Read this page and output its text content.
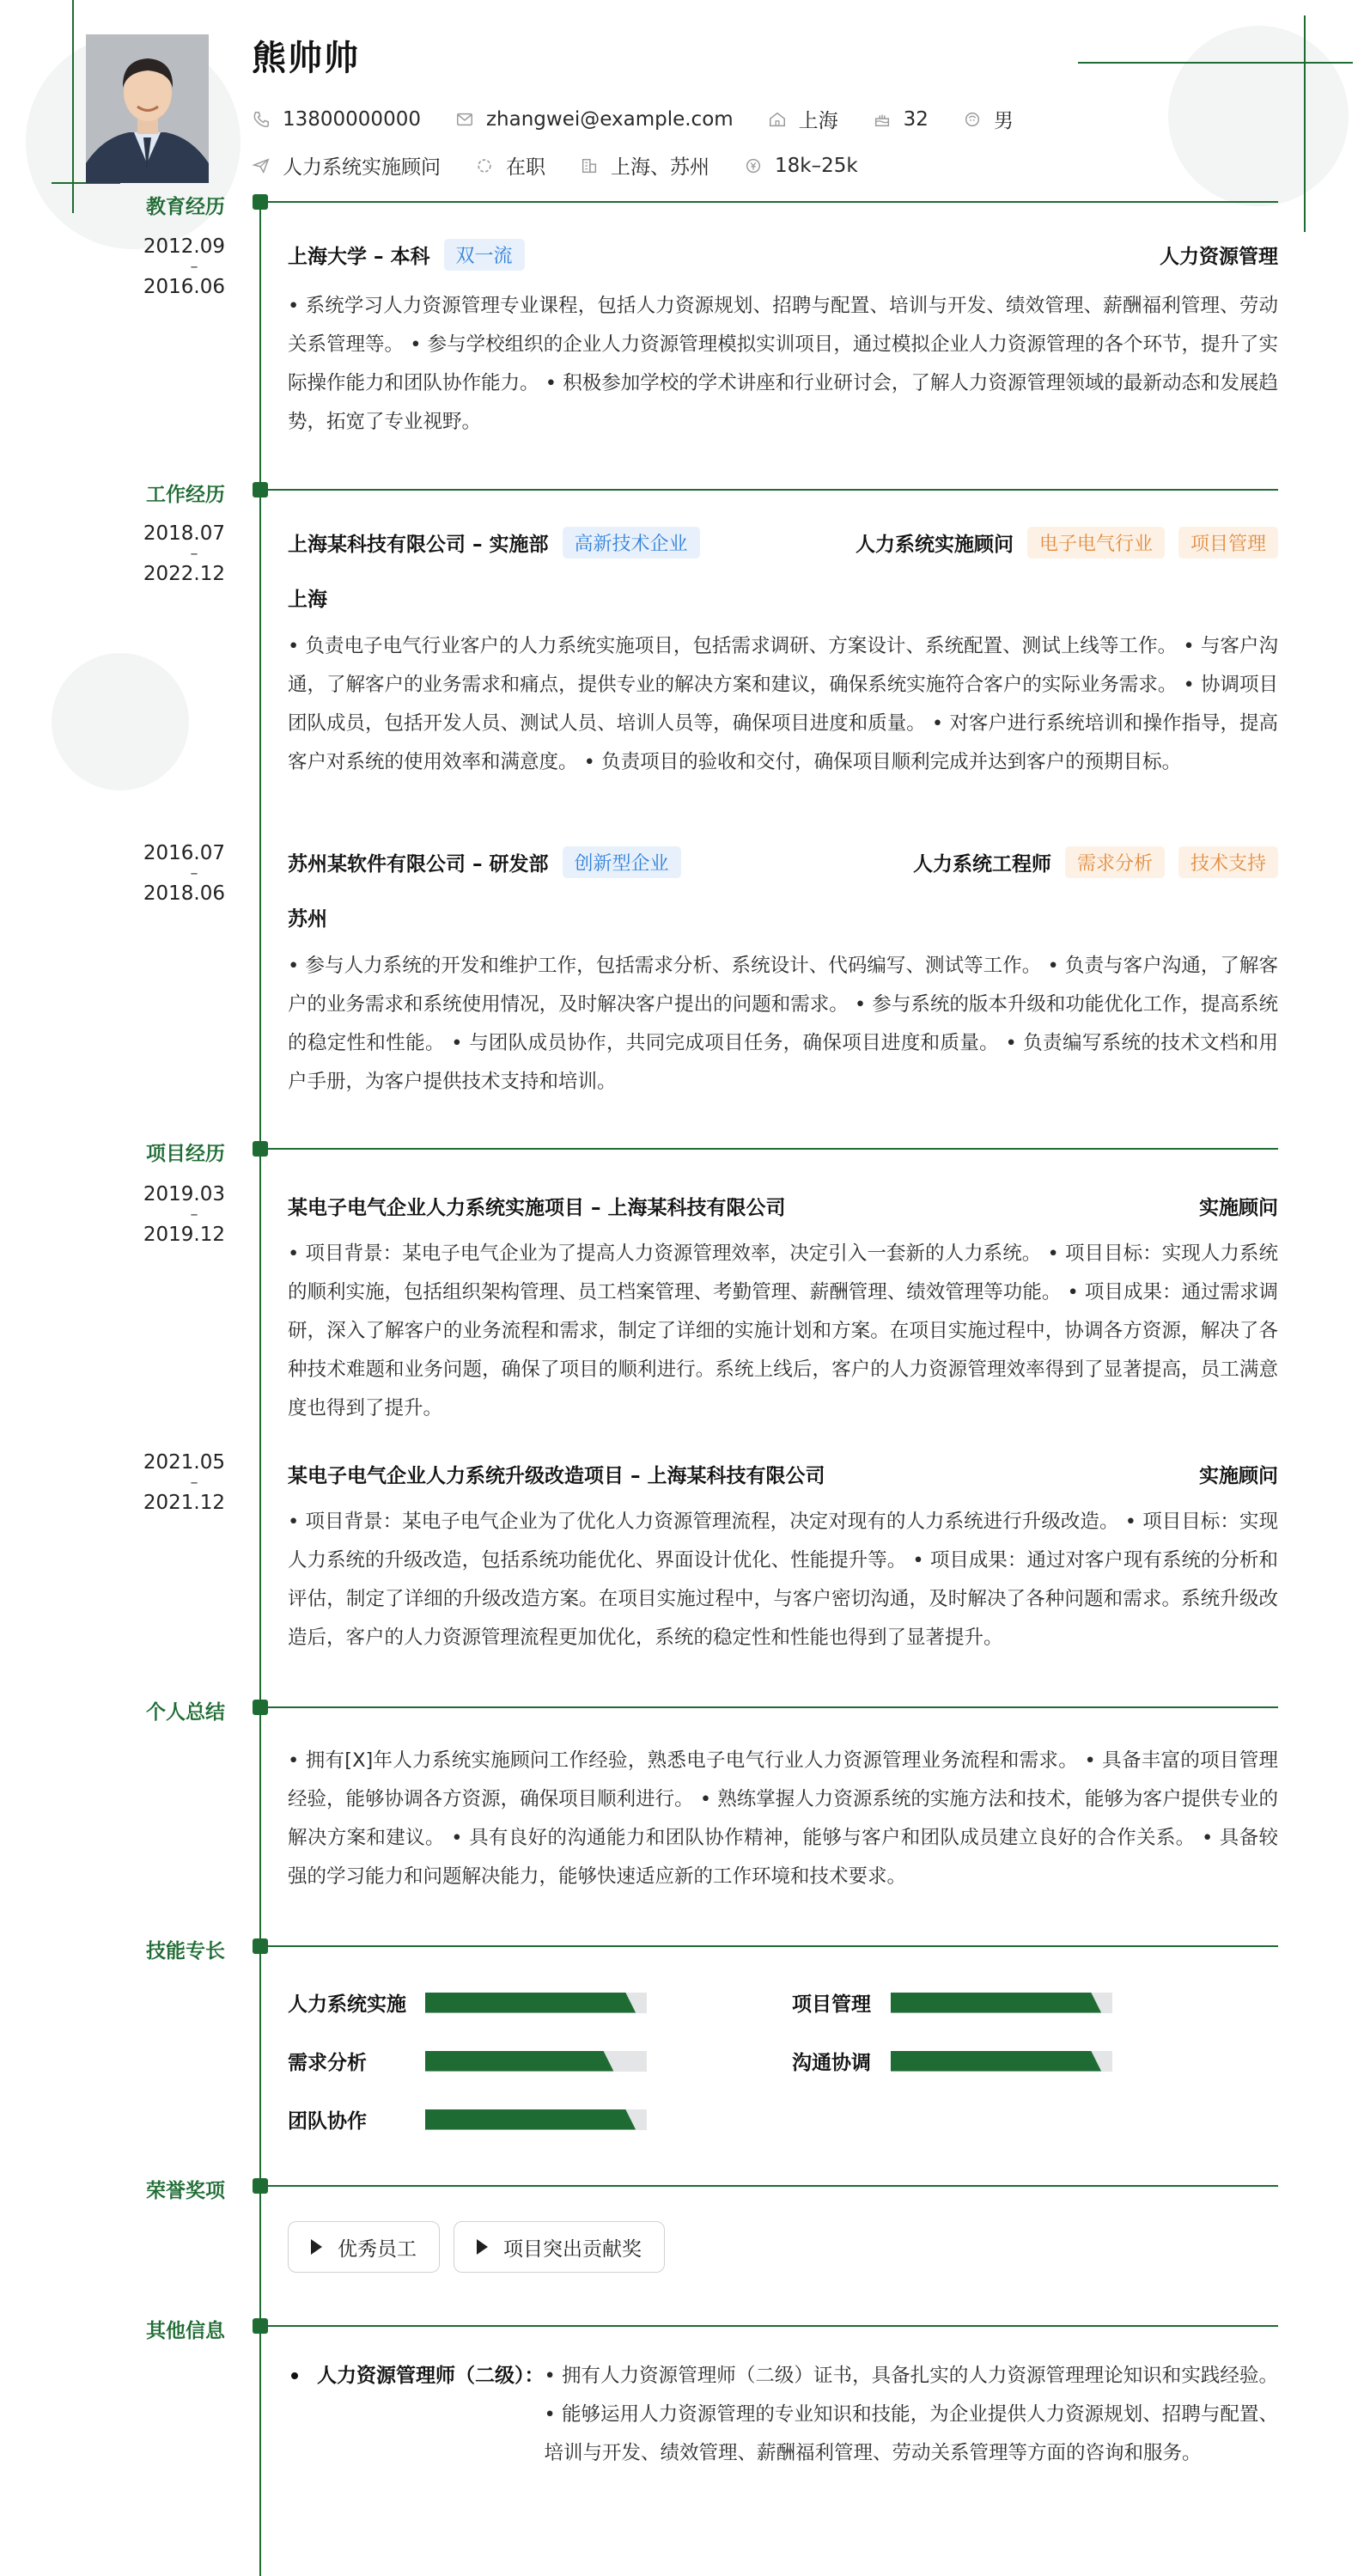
熊帅帅
13800000000	zhangwei@example.com	上海	32	男
人力系统实施顾问	在职	上海、苏州	18k–25k
教育经历
2012.09
–
2016.06
上海大学 – 本科	双一流	人力资源管理
• 系统学习人力资源管理专业课程，包括人力资源规划、招聘与配置、培训与开发、绩效管理、薪酬福利管理、劳动关系管理等。 • 参与学校组织的企业人力资源管理模拟实训项目，通过模拟企业人力资源管理的各个环节，提升了实际操作能力和团队协作能力。 • 积极参加学校的学术讲座和行业研讨会，了解人力资源管理领域的最新动态和发展趋势，拓宽了专业视野。
工作经历
2018.07
–
2022.12
上海某科技有限公司 – 实施部	高新技术企业	人力系统实施顾问	电子电气行业	项目管理
上海
• 负责电子电气行业客户的人力系统实施项目，包括需求调研、方案设计、系统配置、测试上线等工作。 • 与客户沟通，了解客户的业务需求和痛点，提供专业的解决方案和建议，确保系统实施符合客户的实际业务需求。 • 协调项目团队成员，包括开发人员、测试人员、培训人员等，确保项目进度和质量。 • 对客户进行系统培训和操作指导，提高客户对系统的使用效率和满意度。 • 负责项目的验收和交付，确保项目顺利完成并达到客户的预期目标。
2016.07
–
2018.06
苏州某软件有限公司 – 研发部	创新型企业	人力系统工程师	需求分析	技术支持
苏州
• 参与人力系统的开发和维护工作，包括需求分析、系统设计、代码编写、测试等工作。 • 负责与客户沟通，了解客户的业务需求和系统使用情况，及时解决客户提出的问题和需求。 • 参与系统的版本升级和功能优化工作，提高系统的稳定性和性能。 • 与团队成员协作，共同完成项目任务，确保项目进度和质量。 • 负责编写系统的技术文档和用户手册，为客户提供技术支持和培训。
项目经历
2019.03
–
2019.12
某电子电气企业人力系统实施项目 – 上海某科技有限公司	实施顾问
• 项目背景：某电子电气企业为了提高人力资源管理效率，决定引入一套新的人力系统。 • 项目目标：实现人力系统的顺利实施，包括组织架构管理、员工档案管理、考勤管理、薪酬管理、绩效管理等功能。 • 项目成果：通过需求调研，深入了解客户的业务流程和需求，制定了详细的实施计划和方案。在项目实施过程中，协调各方资源，解决了各种技术难题和业务问题，确保了项目的顺利进行。系统上线后，客户的人力资源管理效率得到了显著提高，员工满意度也得到了提升。
2021.05
–
2021.12
某电子电气企业人力系统升级改造项目 – 上海某科技有限公司	实施顾问
• 项目背景：某电子电气企业为了优化人力资源管理流程，决定对现有的人力系统进行升级改造。 • 项目目标：实现人力系统的升级改造，包括系统功能优化、界面设计优化、性能提升等。 • 项目成果：通过对客户现有系统的分析和评估，制定了详细的升级改造方案。在项目实施过程中，与客户密切沟通，及时解决了各种问题和需求。系统升级改造后，客户的人力资源管理流程更加优化，系统的稳定性和性能也得到了显著提升。
个人总结
• 拥有[X]年人力系统实施顾问工作经验，熟悉电子电气行业人力资源管理业务流程和需求。 • 具备丰富的项目管理经验，能够协调各方资源，确保项目顺利进行。 • 熟练掌握人力资源系统的实施方法和技术，能够为客户提供专业的解决方案和建议。 • 具有良好的沟通能力和团队协作精神，能够与客户和团队成员建立良好的合作关系。 • 具备较强的学习能力和问题解决能力，能够快速适应新的工作环境和技术要求。
技能专长
人力系统实施	项目管理
需求分析	沟通协调
团队协作
荣誉奖项
优秀员工	项目突出贡献奖
其他信息
人力资源管理师（二级）： • 拥有人力资源管理师（二级）证书，具备扎实的人力资源管理理论知识和实践经验。 • 能够运用人力资源管理的专业知识和技能，为企业提供人力资源规划、招聘与配置、培训与开发、绩效管理、薪酬福利管理、劳动关系管理等方面的咨询和服务。
